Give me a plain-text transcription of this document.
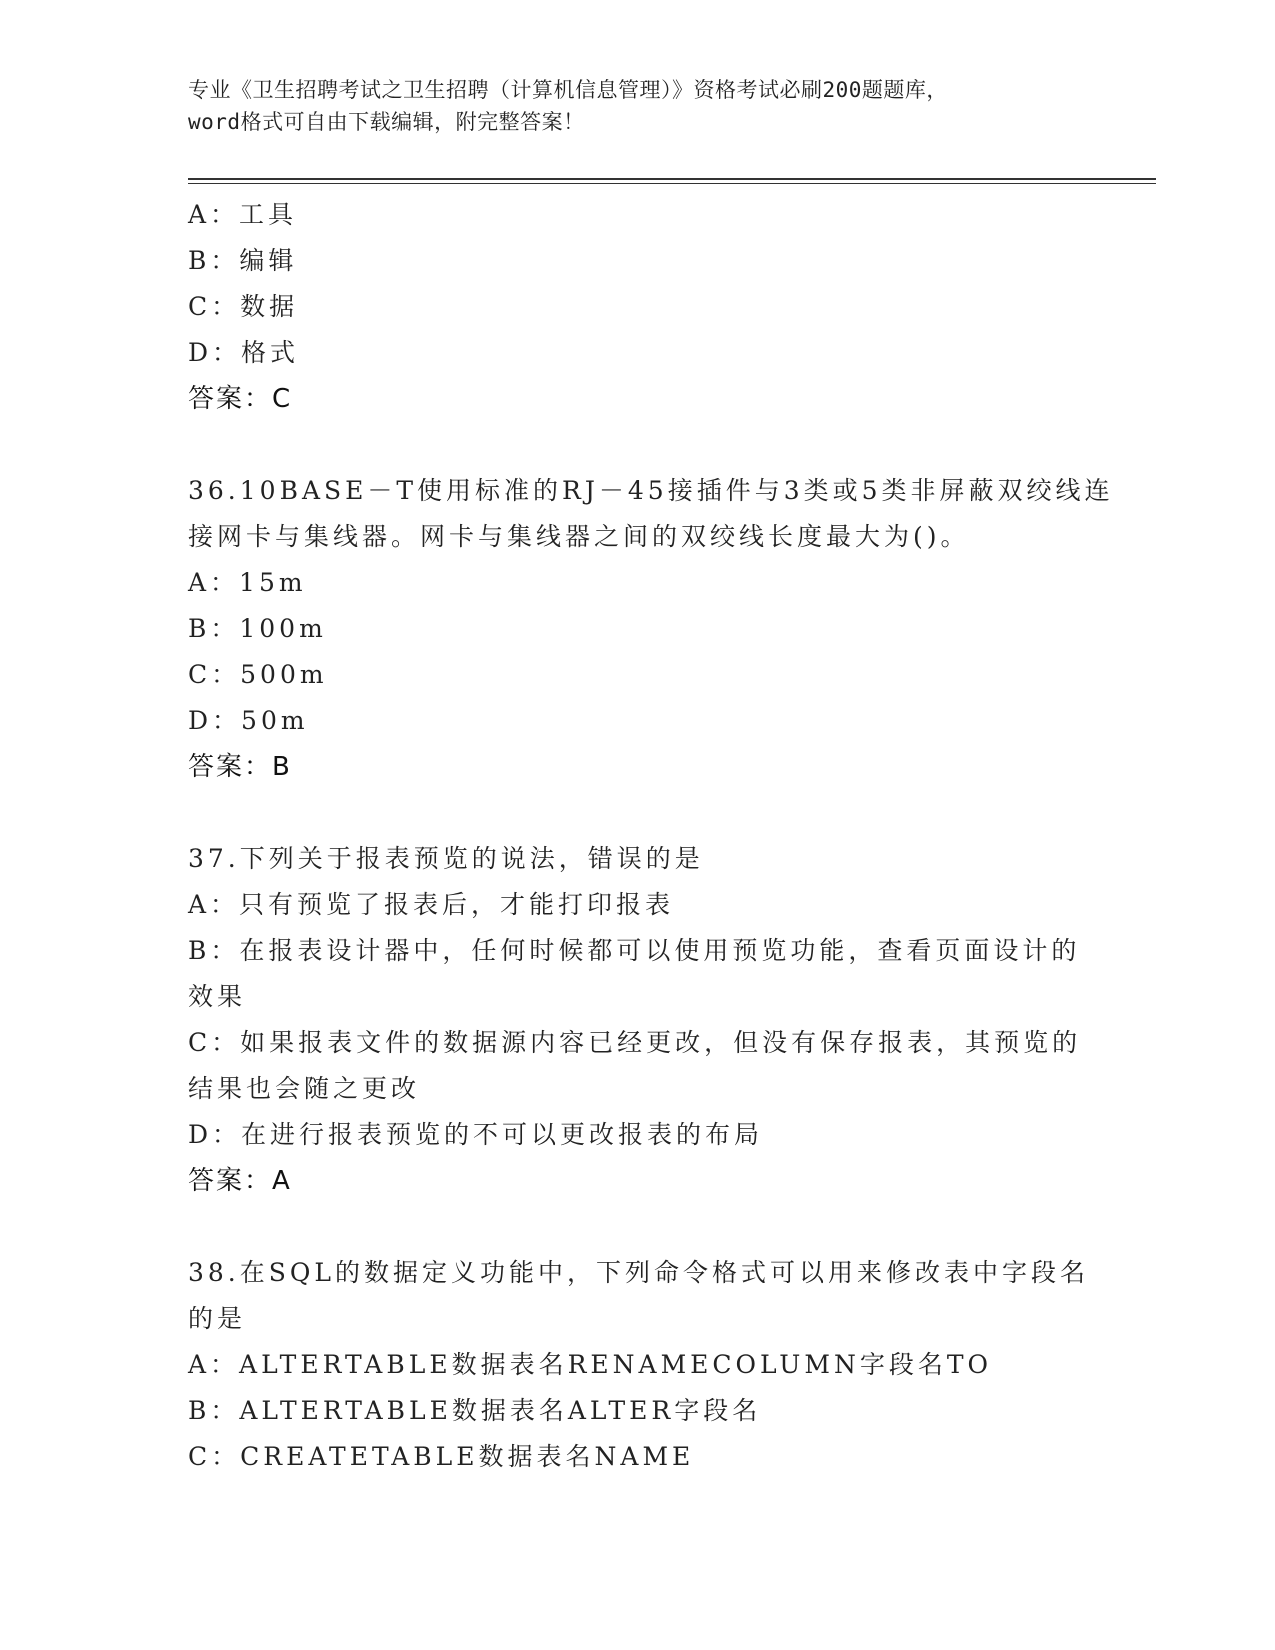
专业《卫生招聘考试之卫生招聘（计算机信息管理）》资格考试必刷200题题库，
word格式可自由下载编辑，附完整答案！
A：工具
B：编辑
C：数据
D：格式
答案：C
36.10BASE－T使用标准的RJ－45接插件与3类或5类非屏蔽双绞线连
接网卡与集线器。网卡与集线器之间的双绞线长度最大为()。
A：15m
B：100m
C：500m
D：50m
答案：B
37.下列关于报表预览的说法，错误的是
A：只有预览了报表后，才能打印报表
B：在报表设计器中，任何时候都可以使用预览功能，查看页面设计的
效果
C：如果报表文件的数据源内容已经更改，但没有保存报表，其预览的
结果也会随之更改
D：在进行报表预览的不可以更改报表的布局
答案：A
38.在SQL的数据定义功能中，下列命令格式可以用来修改表中字段名
的是
A：ALTERTABLE数据表名RENAMECOLUMN字段名TO
B：ALTERTABLE数据表名ALTER字段名
C：CREATETABLE数据表名NAME
